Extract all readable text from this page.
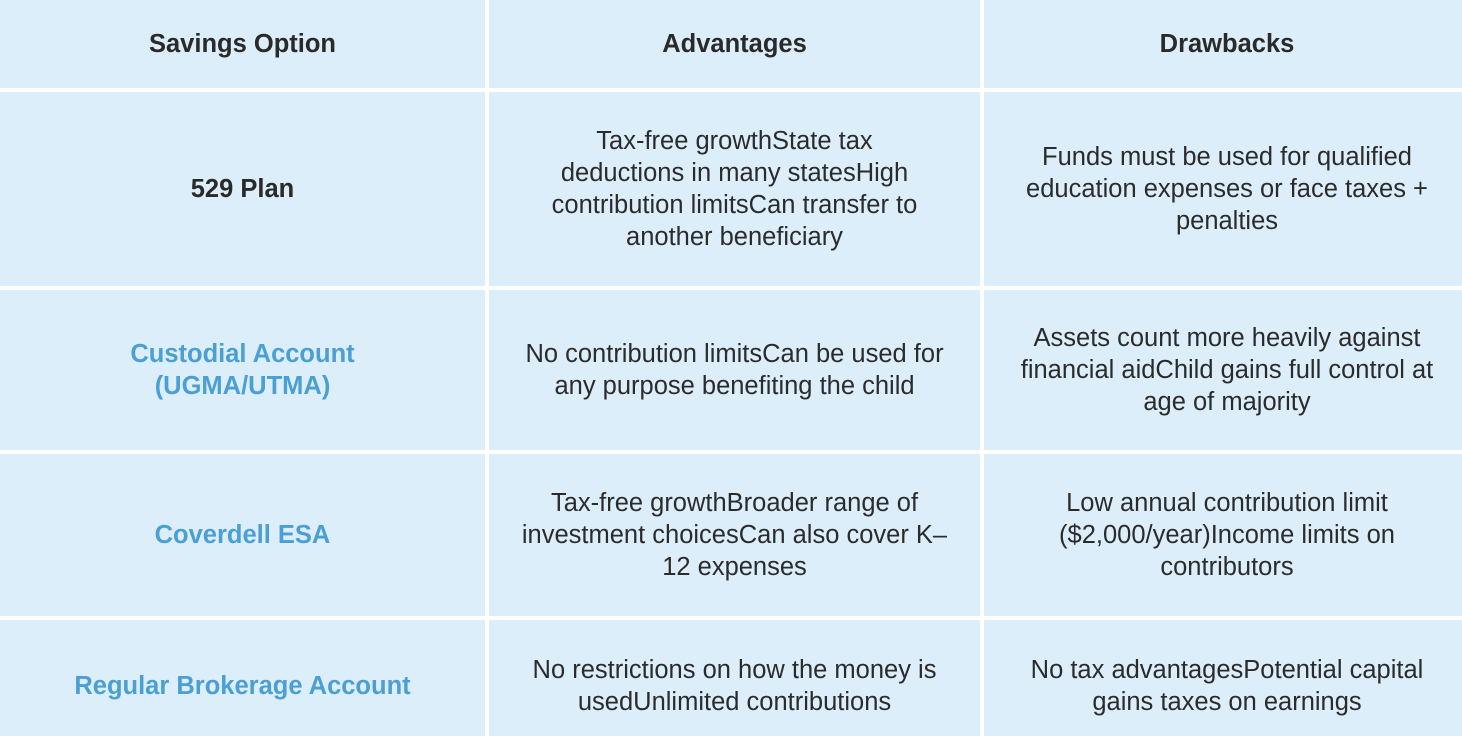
Savings Option	Advantages	Drawbacks
529 Plan
Tax-free growthState tax deductions in many statesHigh contribution limitsCan transfer to another beneficiary
Funds must be used for qualified education expenses or face taxes + penalties
Custodial Account (UGMA/UTMA)
No contribution limitsCan be used for any purpose benefiting the child
Assets count more heavily against financial aidChild gains full control at age of majority
Coverdell ESA
Tax-free growthBroader range of investment choicesCan also cover K–12 expenses
Low annual contribution limit ($2,000/year)Income limits on contributors
Regular Brokerage Account
No restrictions on how the money is usedUnlimited contributions
No tax advantagesPotential capital gains taxes on earnings
